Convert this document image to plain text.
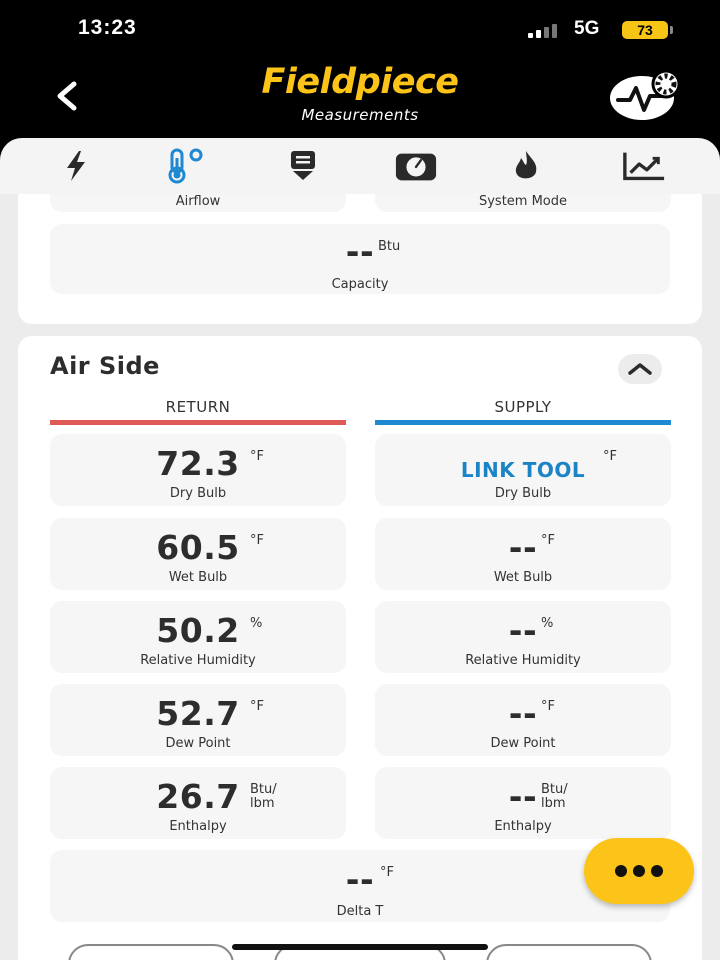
13:23	5G	73
Fieldpiece
Measurements
Airflow	System Mode
-- Btu
Capacity
Air Side
RETURN	SUPPLY
72.3 °F
Dry Bulb
60.5 °F
Wet Bulb
50.2 %
Relative Humidity
52.7 °F
Dew Point
26.7 Btu/
lbm
Enthalpy
LINK TOOL
°F
Dry Bulb
-- °F
Wet Bulb
-- %
Relative Humidity
-- °F
Dew Point
-- Btu/
lbm
Enthalpy
-- °F
Delta T
